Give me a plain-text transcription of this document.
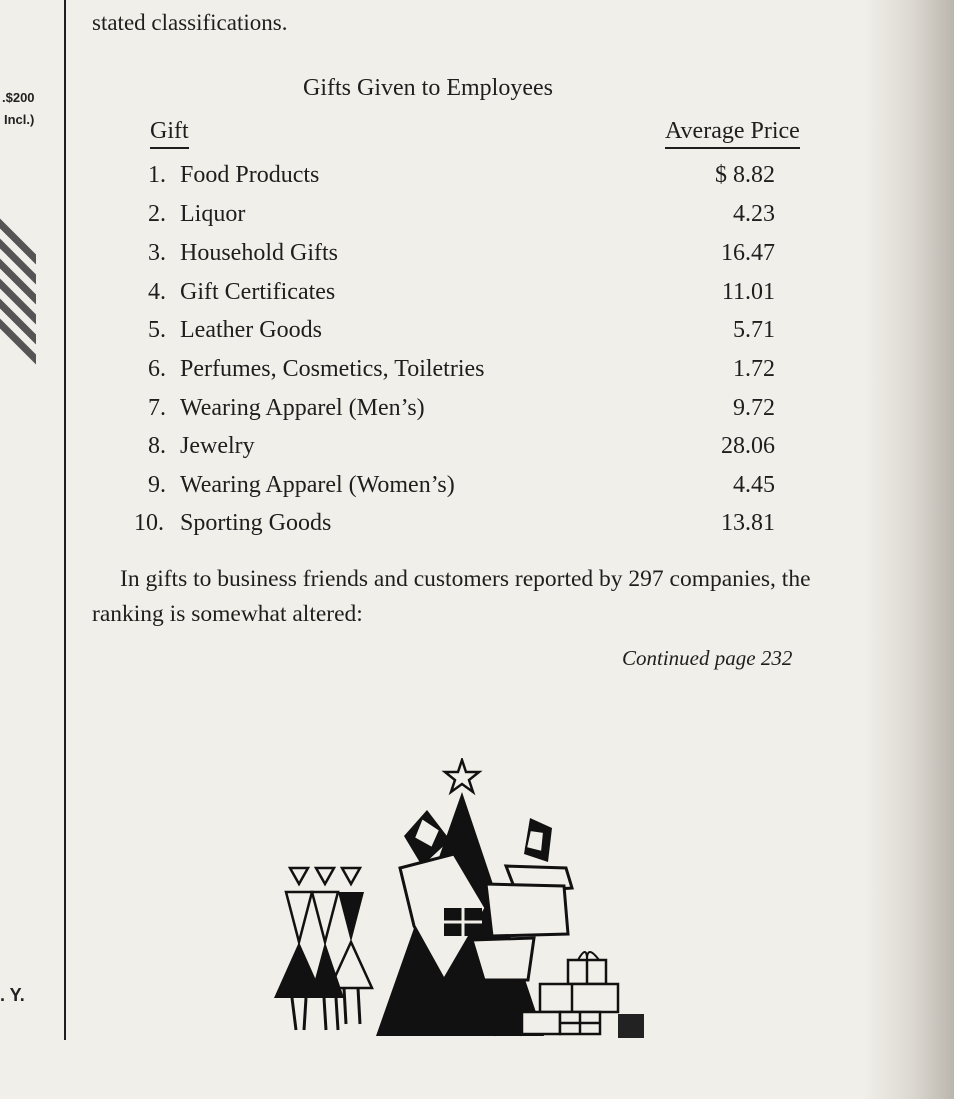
.$200
Incl.)
. Y.
stated classifications.
Gifts Given to Employees
Gift	Average Price
1. Food Products	$ 8.82
2. Liquor	4.23
3. Household Gifts	16.47
4. Gift Certificates	11.01
5. Leather Goods	5.71
6. Perfumes, Cosmetics, Toiletries	1.72
7. Wearing Apparel (Men’s)	9.72
8. Jewelry	28.06
9. Wearing Apparel (Women’s)	4.45
10. Sporting Goods	13.81
In gifts to business friends and customers reported by 297 companies, the ranking is somewhat altered:
Continued page 232
